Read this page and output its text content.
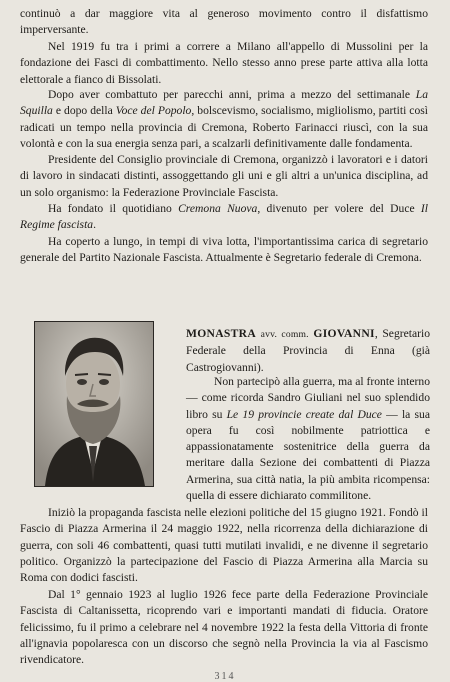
continuò a dar maggiore vita al generoso movimento contro il disfattismo imperversante.

Nel 1919 fu tra i primi a correre a Milano all'appello di Mussolini per la fondazione dei Fasci di combattimento. Nello stesso anno prese parte attiva alla lotta elettorale a fianco di Bissolati.

Dopo aver combattuto per parecchi anni, prima a mezzo del settimanale La Squilla e dopo della Voce del Popolo, bolscevismo, socialismo, migliolismo, partiti così radicati un tempo nella provincia di Cremona, Roberto Farinacci riuscì, con la sua volontà e con la sua energia senza pari, a scalzarli definitivamente dalle fondamenta.

Presidente del Consiglio provinciale di Cremona, organizzò i lavoratori e i datori di lavoro in sindacati distinti, assoggettando gli uni e gli altri a un'unica disciplina, ad un solo organismo: la Federazione Provinciale Fascista.

Ha fondato il quotidiano Cremona Nuova, divenuto per volere del Duce Il Regime fascista.

Ha coperto a lungo, in tempi di viva lotta, l'importantissima carica di segretario generale del Partito Nazionale Fascista. Attualmente è Segretario federale di Cremona.

MONASTRA avv. comm. GIOVANNI, Segretario Federale della Provincia di Enna (già Castrogiovanni).

Non partecipò alla guerra, ma al fronte interno — come ricorda Sandro Giuliani nel suo splendido libro su Le 19 provincie create dal Duce — la sua opera fu così nobilmente patriottica e appassionatamente sostenitrice della guerra da meritare dalla Sezione dei combattenti di Piazza Armerina, sua città natia, la più ambita ricompensa: quella di essere dichiarato commilitone.

Iniziò la propaganda fascista nelle elezioni politiche del 15 giugno 1921. Fondò il Fascio di Piazza Armerina il 24 maggio 1922, nella ricorrenza della dichiarazione di guerra, con soli 46 combattenti, quasi tutti mutilati invalidi, e ne divenne il segretario politico. Organizzò la partecipazione del Fascio di Piazza Armerina alla Marcia su Roma con dodici fascisti.

Dal 1° gennaio 1923 al luglio 1926 fece parte della Federazione Provinciale Fascista di Caltanissetta, ricoprendo vari e importanti mandati di fiducia. Oratore felicissimo, fu il primo a celebrare nel 4 novembre 1922 la festa della Vittoria di fronte all'ignavia popolaresca con un discorso che segnò nella Provincia la via al Fascismo rivendicatore.

314
